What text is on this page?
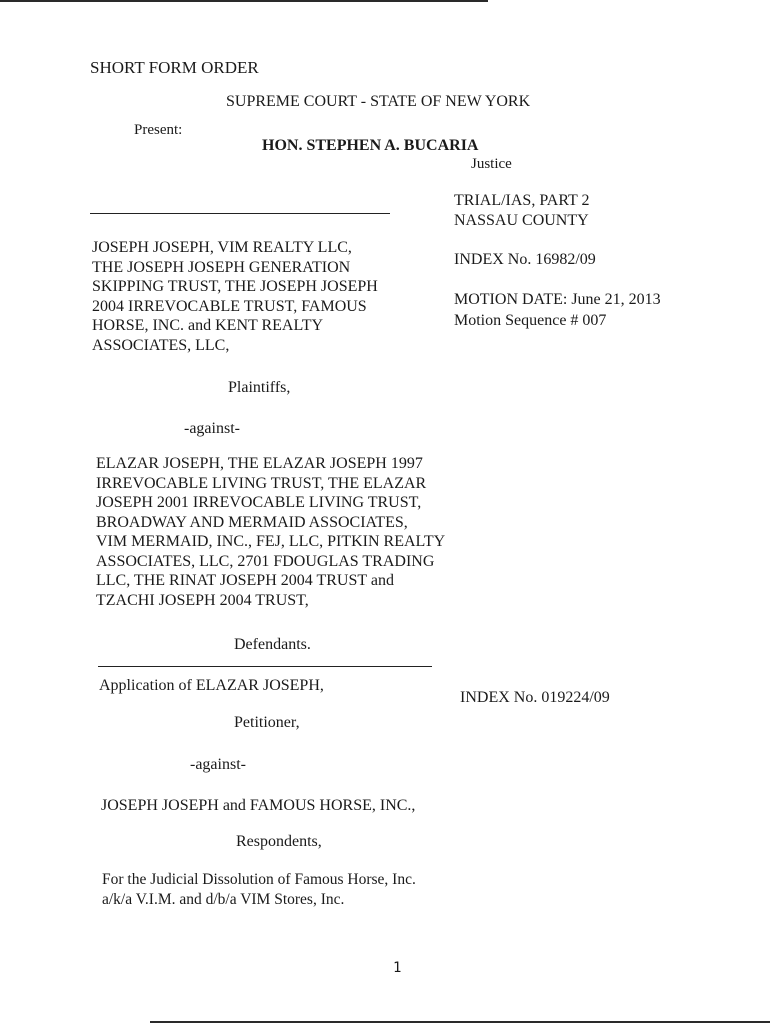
SHORT FORM ORDER
SUPREME COURT - STATE OF NEW YORK
Present:
HON. STEPHEN A. BUCARIA
Justice
TRIAL/IAS, PART 2
NASSAU COUNTY
INDEX No. 16982/09
MOTION DATE: June 21, 2013
Motion Sequence # 007
JOSEPH JOSEPH, VIM REALTY LLC,
THE JOSEPH JOSEPH GENERATION
SKIPPING TRUST, THE JOSEPH JOSEPH
2004 IRREVOCABLE TRUST, FAMOUS
HORSE, INC. and KENT REALTY
ASSOCIATES, LLC,
Plaintiffs,
-against-
ELAZAR JOSEPH, THE ELAZAR JOSEPH 1997
IRREVOCABLE LIVING TRUST, THE ELAZAR
JOSEPH 2001 IRREVOCABLE LIVING TRUST,
BROADWAY AND MERMAID ASSOCIATES,
VIM MERMAID, INC., FEJ, LLC, PITKIN REALTY
ASSOCIATES, LLC, 2701 FDOUGLAS TRADING
LLC, THE RINAT JOSEPH 2004 TRUST and
TZACHI JOSEPH 2004 TRUST,
Defendants.
Application of ELAZAR JOSEPH,
INDEX No. 019224/09
Petitioner,
-against-
JOSEPH JOSEPH and FAMOUS HORSE, INC.,
Respondents,
For the Judicial Dissolution of Famous Horse, Inc.
a/k/a V.I.M. and d/b/a VIM Stores, Inc.
1
